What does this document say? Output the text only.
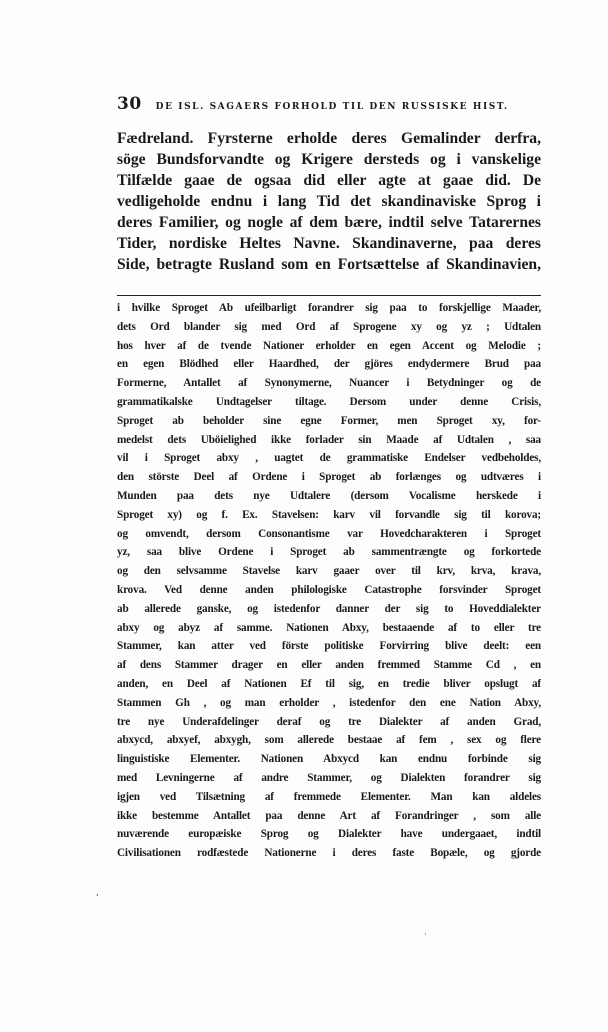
30 DE ISL. SAGAERS FORHOLD TIL DEN RUSSISKE HIST.
Fædreland. Fyrsterne erholde deres Gemalinder derfra,
söge Bundsforvandte og Krigere dersteds og i vanskelige
Tilfælde gaae de ogsaa did eller agte at gaae did. De
vedligeholde endnu i lang Tid det skandinaviske Sprog i
deres Familier, og nogle af dem bære, indtil selve Tatarernes
Tider, nordiske Heltes Navne. Skandinaverne, paa deres
Side, betragte Rusland som en Fortsættelse af Skandinavien,
i hvilke Sproget Ab ufeilbarligt forandrer sig paa to forskjellige Maader,
dets Ord blander sig med Ord af Sprogene xy og yz ; Udtalen
hos hver af de tvende Nationer erholder en egen Accent og Melodie ;
en egen Blödhed eller Haardhed, der gjöres endydermere Brud paa
Formerne, Antallet af Synonymerne, Nuancer i Betydninger og de
grammatikalske Undtagelser tiltage. Dersom under denne Crisis,
Sproget ab beholder sine egne Former, men Sproget xy, for-
medelst dets Uböielighed ikke forlader sin Maade af Udtalen , saa
vil i Sproget abxy , uagtet de grammatiske Endelser vedbeholdes,
den störste Deel af Ordene i Sproget ab forlænges og udtværes i
Munden paa dets nye Udtalere (dersom Vocalisme herskede i
Sproget xy) og f. Ex. Stavelsen: karv vil forvandle sig til korova;
og omvendt, dersom Consonantisme var Hovedcharakteren i Sproget
yz, saa blive Ordene i Sproget ab sammentrængte og forkortede
og den selvsamme Stavelse karv gaaer over til krv, krva, krava,
krova. Ved denne anden philologiske Catastrophe forsvinder Sproget
ab allerede ganske, og istedenfor danner der sig to Hoveddialekter
abxy og abyz af samme. Nationen Abxy, bestaaende af to eller tre
Stammer, kan atter ved förste politiske Forvirring blive deelt: een
af dens Stammer drager en eller anden fremmed Stamme Cd , en
anden, en Deel af Nationen Ef til sig, en tredie bliver opslugt af
Stammen Gh , og man erholder , istedenfor den ene Nation Abxy,
tre nye Underafdelinger deraf og tre Dialekter af anden Grad,
abxycd, abxyef, abxygh, som allerede bestaae af fem , sex og flere
linguistiske Elementer. Nationen Abxycd kan endnu forbinde sig
med Levningerne af andre Stammer, og Dialekten forandrer sig
igjen ved Tilsætning af fremmede Elementer. Man kan aldeles
ikke bestemme Antallet paa denne Art af Forandringer , som alle
nuværende europæiske Sprog og Dialekter have undergaaet, indtil
Civilisationen rodfæstede Nationerne i deres faste Bopæle, og gjorde
,
·
